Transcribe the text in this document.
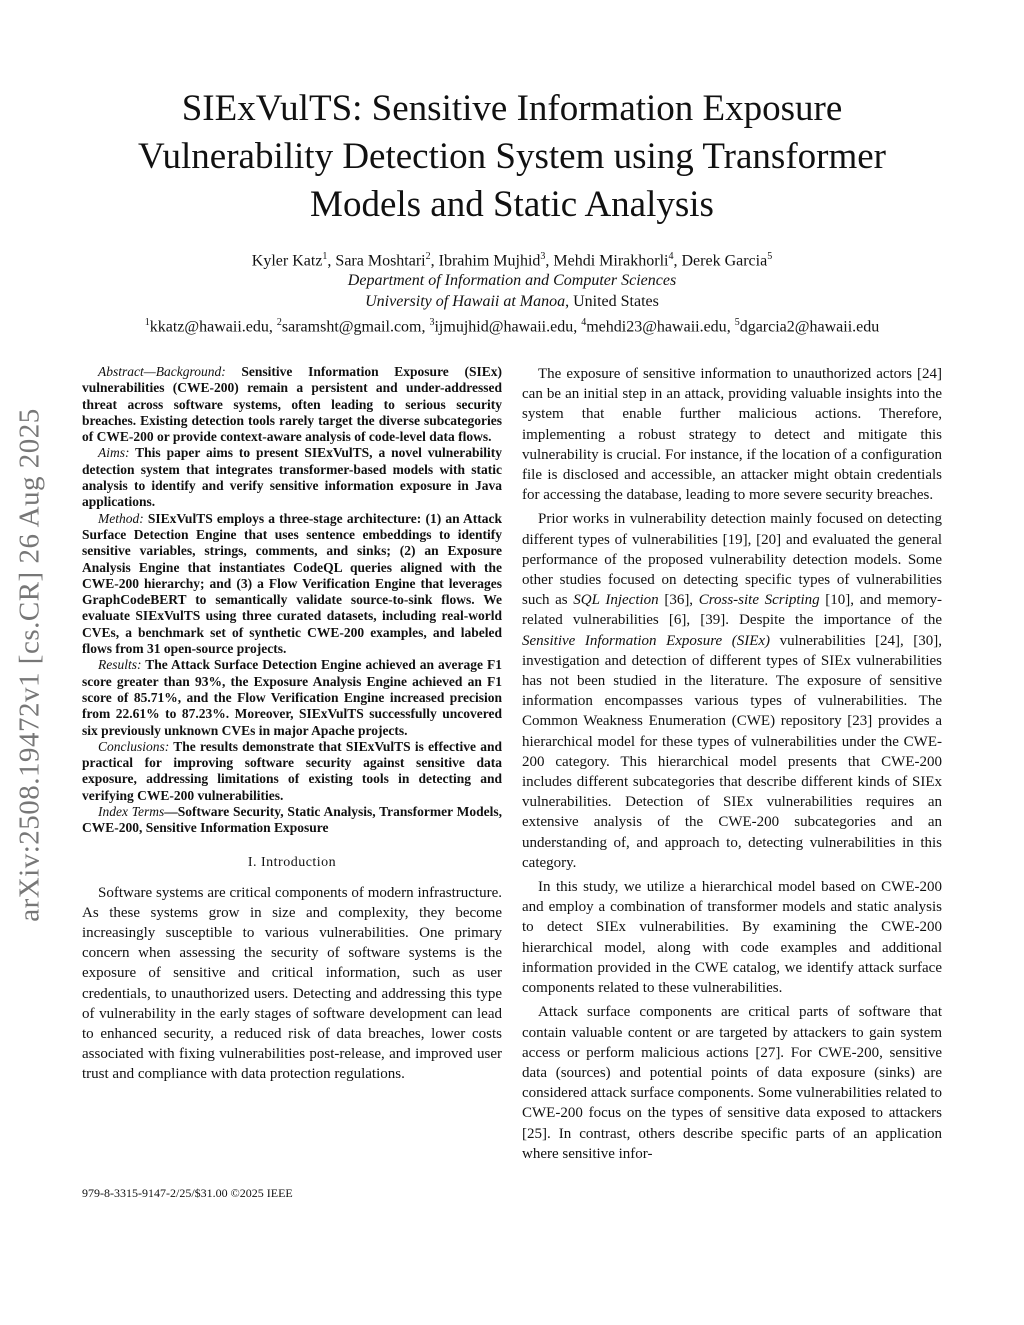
SIExVulTS: Sensitive Information Exposure
Vulnerability Detection System using Transformer
Models and Static Analysis
Kyler Katz$^1$, Sara Moshtari$^2$, Ibrahim Mujhid$^3$, Mehdi Mirakhorli$^4$, Derek Garcia$^5$
Department of Information and Computer Sciences
University of Hawaii at Manoa, United States
$^1$kkatz@hawaii.edu, $^2$saramsht@gmail.com, $^3$ijmujhid@hawaii.edu, $^4$mehdi23@hawaii.edu, $^5$dgarcia2@hawaii.edu
arXiv:2508.19472v1 [cs.CR] 26 Aug 2025

Abstract—Background: Sensitive Information Exposure (SIEx) vulnerabilities (CWE-200) remain a persistent and under-addressed threat across software systems, often leading to serious security breaches. Existing detection tools rarely target the diverse subcategories of CWE-200 or provide context-aware analysis of code-level data flows.

Aims: This paper aims to present SIExVulTS, a novel vulnerability detection system that integrates transformer-based models with static analysis to identify and verify sensitive information exposure in Java applications.

Method: SIExVulTS employs a three-stage architecture: (1) an Attack Surface Detection Engine that uses sentence embeddings to identify sensitive variables, strings, comments, and sinks; (2) an Exposure Analysis Engine that instantiates CodeQL queries aligned with the CWE-200 hierarchy; and (3) a Flow Verification Engine that leverages GraphCodeBERT to semantically validate source-to-sink flows. We evaluate SIExVulTS using three curated datasets, including real-world CVEs, a benchmark set of synthetic CWE-200 examples, and labeled flows from 31 open-source projects.

Results: The Attack Surface Detection Engine achieved an average F1 score greater than 93%, the Exposure Analysis Engine achieved an F1 score of 85.71%, and the Flow Verification Engine increased precision from 22.61% to 87.23%. Moreover, SIExVulTS successfully uncovered six previously unknown CVEs in major Apache projects.

Conclusions: The results demonstrate that SIExVulTS is effective and practical for improving software security against sensitive data exposure, addressing limitations of existing tools in detecting and verifying CWE-200 vulnerabilities.

Index Terms—Software Security, Static Analysis, Transformer Models, CWE-200, Sensitive Information Exposure

I. Introduction

Software systems are critical components of modern infrastructure. As these systems grow in size and complexity, they become increasingly susceptible to various vulnerabilities. One primary concern when assessing the security of software systems is the exposure of sensitive and critical information, such as user credentials, to unauthorized users. Detecting and addressing this type of vulnerability in the early stages of software development can lead to enhanced security, a reduced risk of data breaches, lower costs associated with fixing vulnerabilities post-release, and improved user trust and compliance with data protection regulations.

979-8-3315-9147-2/25/$31.00 ©2025 IEEE

The exposure of sensitive information to unauthorized actors [24] can be an initial step in an attack, providing valuable insights into the system that enable further malicious actions. Therefore, implementing a robust strategy to detect and mitigate this vulnerability is crucial. For instance, if the location of a configuration file is disclosed and accessible, an attacker might obtain credentials for accessing the database, leading to more severe security breaches.

Prior works in vulnerability detection mainly focused on detecting different types of vulnerabilities [19], [20] and evaluated the general performance of the proposed vulnerability detection models. Some other studies focused on detecting specific types of vulnerabilities such as SQL Injection [36], Cross-site Scripting [10], and memory-related vulnerabilities [6], [39]. Despite the importance of the Sensitive Information Exposure (SIEx) vulnerabilities [24], [30], investigation and detection of different types of SIEx vulnerabilities has not been studied in the literature. The exposure of sensitive information encompasses various types of vulnerabilities. The Common Weakness Enumeration (CWE) repository [23] provides a hierarchical model for these types of vulnerabilities under the CWE-200 category. This hierarchical model presents that CWE-200 includes different subcategories that describe different kinds of SIEx vulnerabilities. Detection of SIEx vulnerabilities requires an extensive analysis of the CWE-200 subcategories and an understanding of, and approach to, detecting vulnerabilities in this category.

In this study, we utilize a hierarchical model based on CWE-200 and employ a combination of transformer models and static analysis to detect SIEx vulnerabilities. By examining the CWE-200 hierarchical model, along with code examples and additional information provided in the CWE catalog, we identify attack surface components related to these vulnerabilities.

Attack surface components are critical parts of software that contain valuable content or are targeted by attackers to gain system access or perform malicious actions [27]. For CWE-200, sensitive data (sources) and potential points of data exposure (sinks) are considered attack surface components. Some vulnerabilities related to CWE-200 focus on the types of sensitive data exposed to attackers [25]. In contrast, others describe specific parts of an application where sensitive infor-
